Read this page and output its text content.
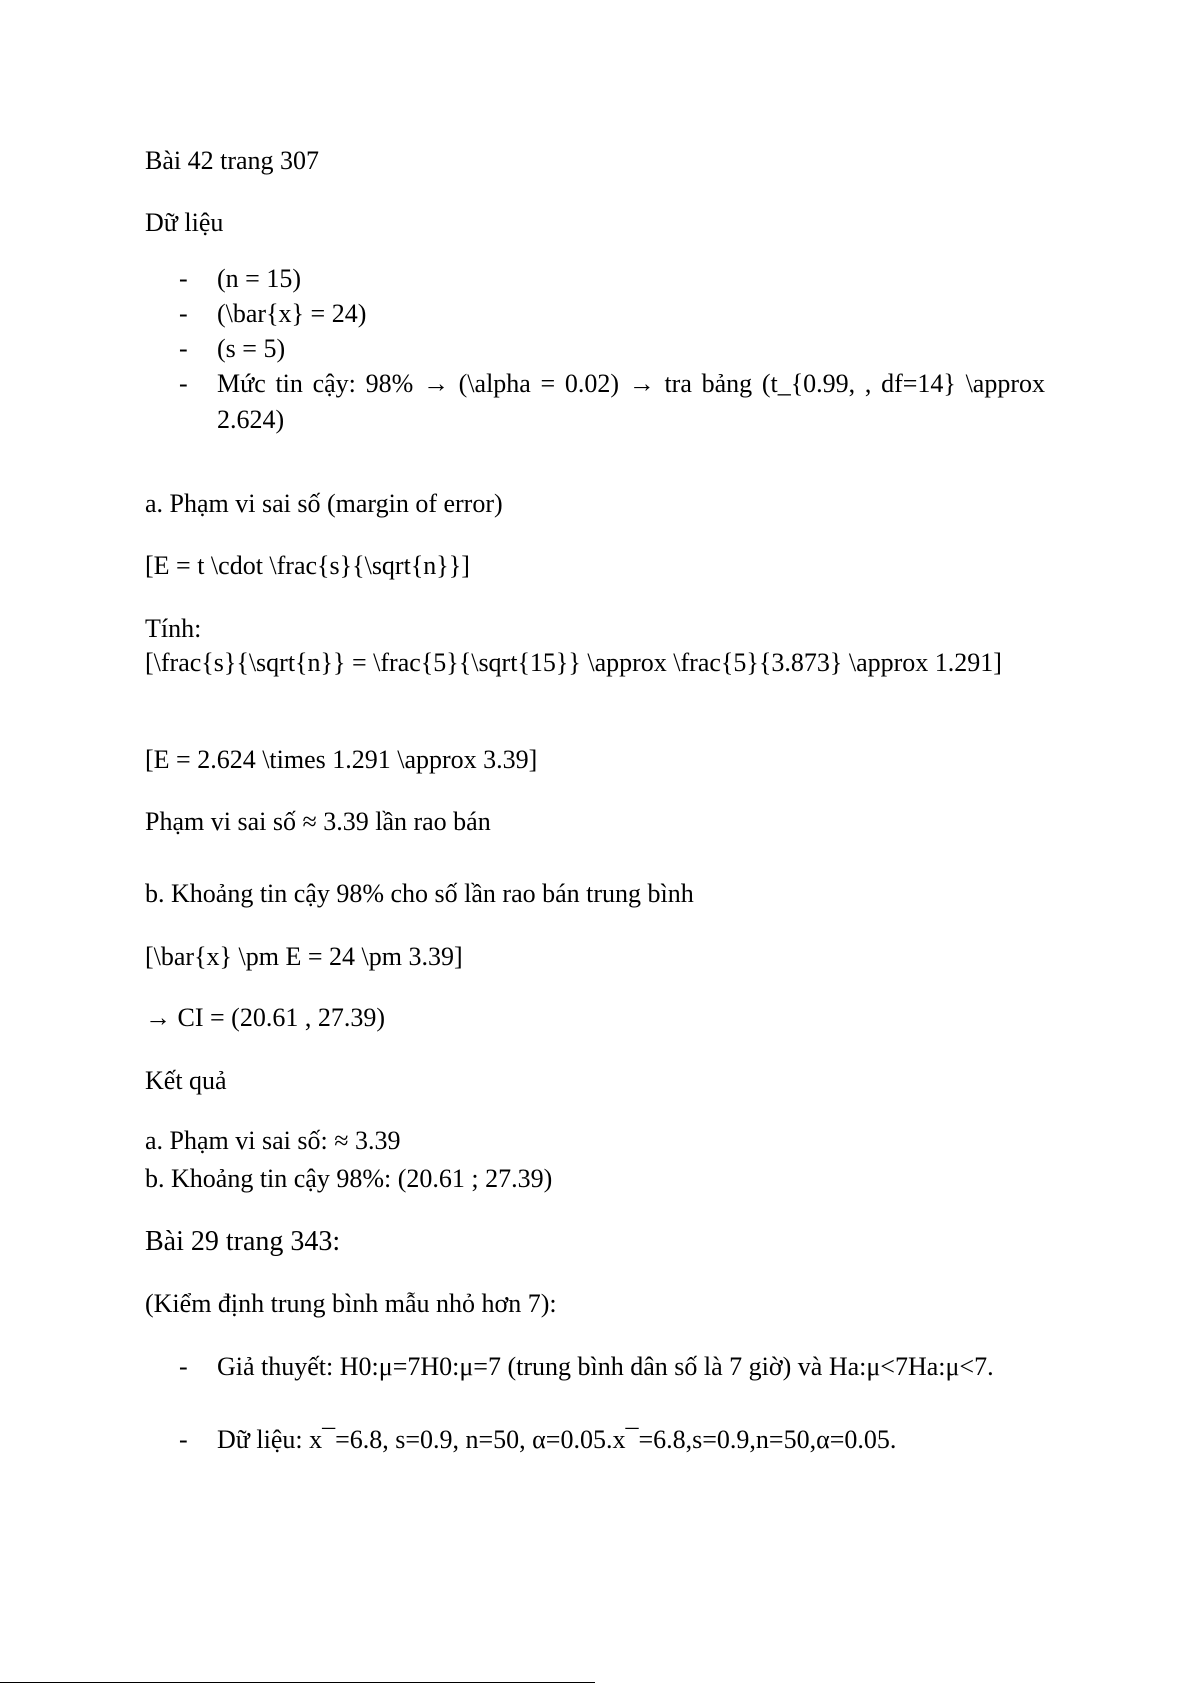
Bài 42 trang 307
Dữ liệu
- (n = 15)
- (\bar{x} = 24)
- (s = 5)
- Mức tin cậy: 98% → (\alpha = 0.02) → tra bảng (t_{0.99, , df=14} \approx 2.624)
a. Phạm vi sai số (margin of error)
[E = t \cdot \frac{s}{\sqrt{n}}]
Tính:
[\frac{s}{\sqrt{n}} = \frac{5}{\sqrt{15}} \approx \frac{5}{3.873} \approx 1.291]
[E = 2.624 \times 1.291 \approx 3.39]
Phạm vi sai số ≈ 3.39 lần rao bán
b. Khoảng tin cậy 98% cho số lần rao bán trung bình
[\bar{x} \pm E = 24 \pm 3.39]
→ CI = (20.61 , 27.39)
Kết quả
a. Phạm vi sai số: ≈ 3.39
b. Khoảng tin cậy 98%: (20.61 ; 27.39)
Bài 29 trang 343:
(Kiểm định trung bình mẫu nhỏ hơn 7):
- Giả thuyết: H0:μ=7H0:μ=7 (trung bình dân số là 7 giờ) và Ha:μ<7Ha:μ<7.
- Dữ liệu: x¯=6.8, s=0.9, n=50, α=0.05.x¯=6.8,s=0.9,n=50,α=0.05.
